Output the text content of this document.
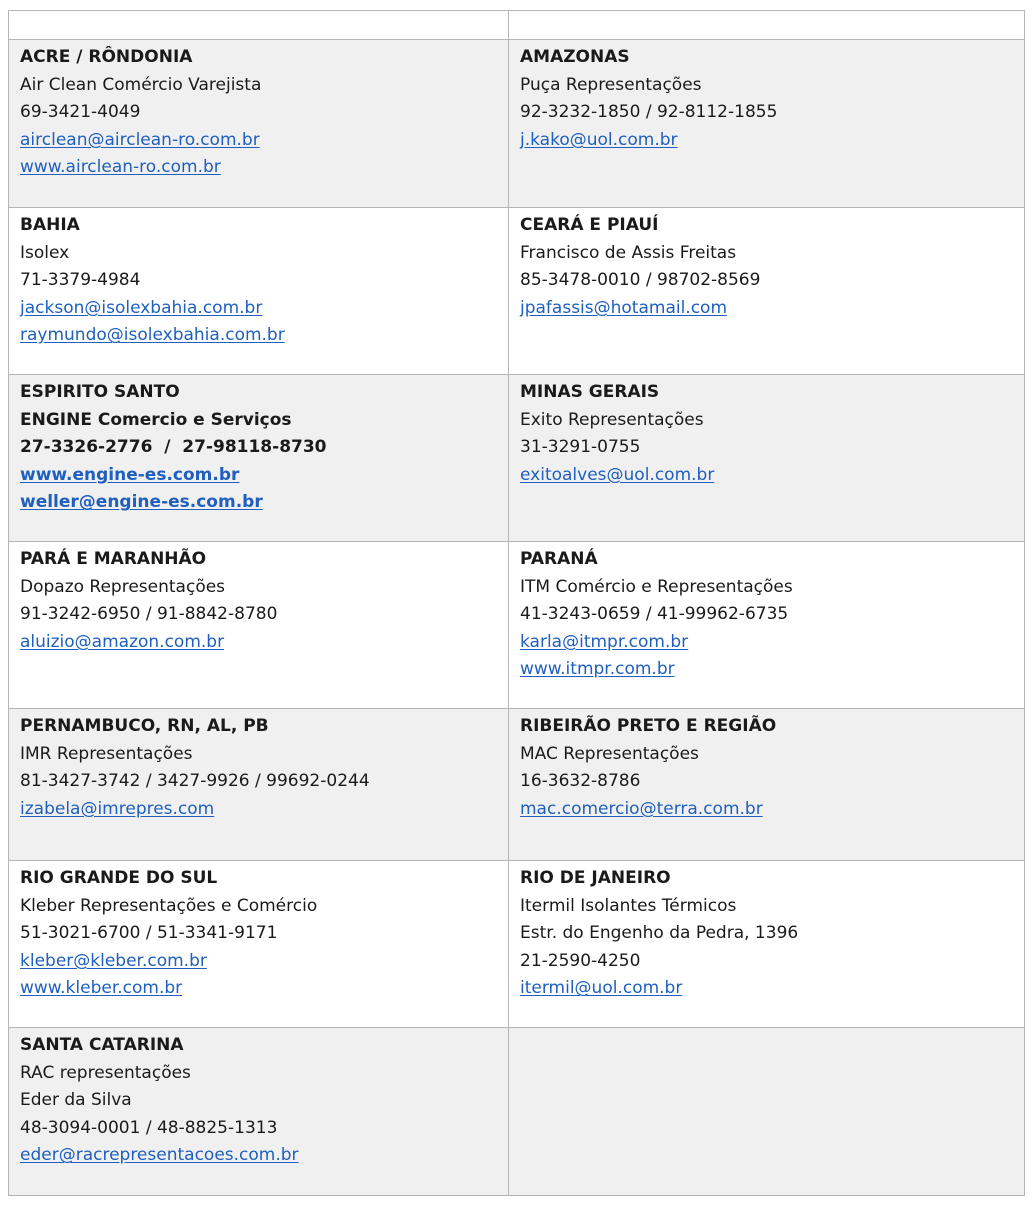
ACRE / RÔNDONIA
Air Clean Comércio Varejista
69-3421-4049
airclean@airclean-ro.com.br
www.airclean-ro.com.br	AMAZONAS
Puça Representações
92-3232-1850 / 92-8112-1855
j.kako@uol.com.br

BAHIA
Isolex
71-3379-4984
jackson@isolexbahia.com.br
raymundo@isolexbahia.com.br	CEARÁ E PIAUÍ
Francisco de Assis Freitas
85-3478-0010 / 98702-8569
jpafassis@hotamail.com

ESPIRITO SANTO
ENGINE Comercio e Serviços
27-3326-2776  /  27-98118-8730
www.engine-es.com.br
weller@engine-es.com.br	MINAS GERAIS
Exito Representações
31-3291-0755
exitoalves@uol.com.br

PARÁ E MARANHÃO
Dopazo Representações
91-3242-6950 / 91-8842-8780
aluizio@amazon.com.br	PARANÁ
ITM Comércio e Representações
41-3243-0659 / 41-99962-6735
karla@itmpr.com.br
www.itmpr.com.br

PERNAMBUCO, RN, AL, PB
IMR Representações
81-3427-3742 / 3427-9926 / 99692-0244
izabela@imrepres.com	RIBEIRÃO PRETO E REGIÃO
MAC Representações
16-3632-8786
mac.comercio@terra.com.br

RIO GRANDE DO SUL
Kleber Representações e Comércio
51-3021-6700 / 51-3341-9171
kleber@kleber.com.br
www.kleber.com.br	RIO DE JANEIRO
Itermil Isolantes Térmicos
Estr. do Engenho da Pedra, 1396
21-2590-4250
itermil@uol.com.br

SANTA CATARINA
RAC representações
Eder da Silva
48-3094-0001 / 48-8825-1313
eder@racrepresentacoes.com.br	
